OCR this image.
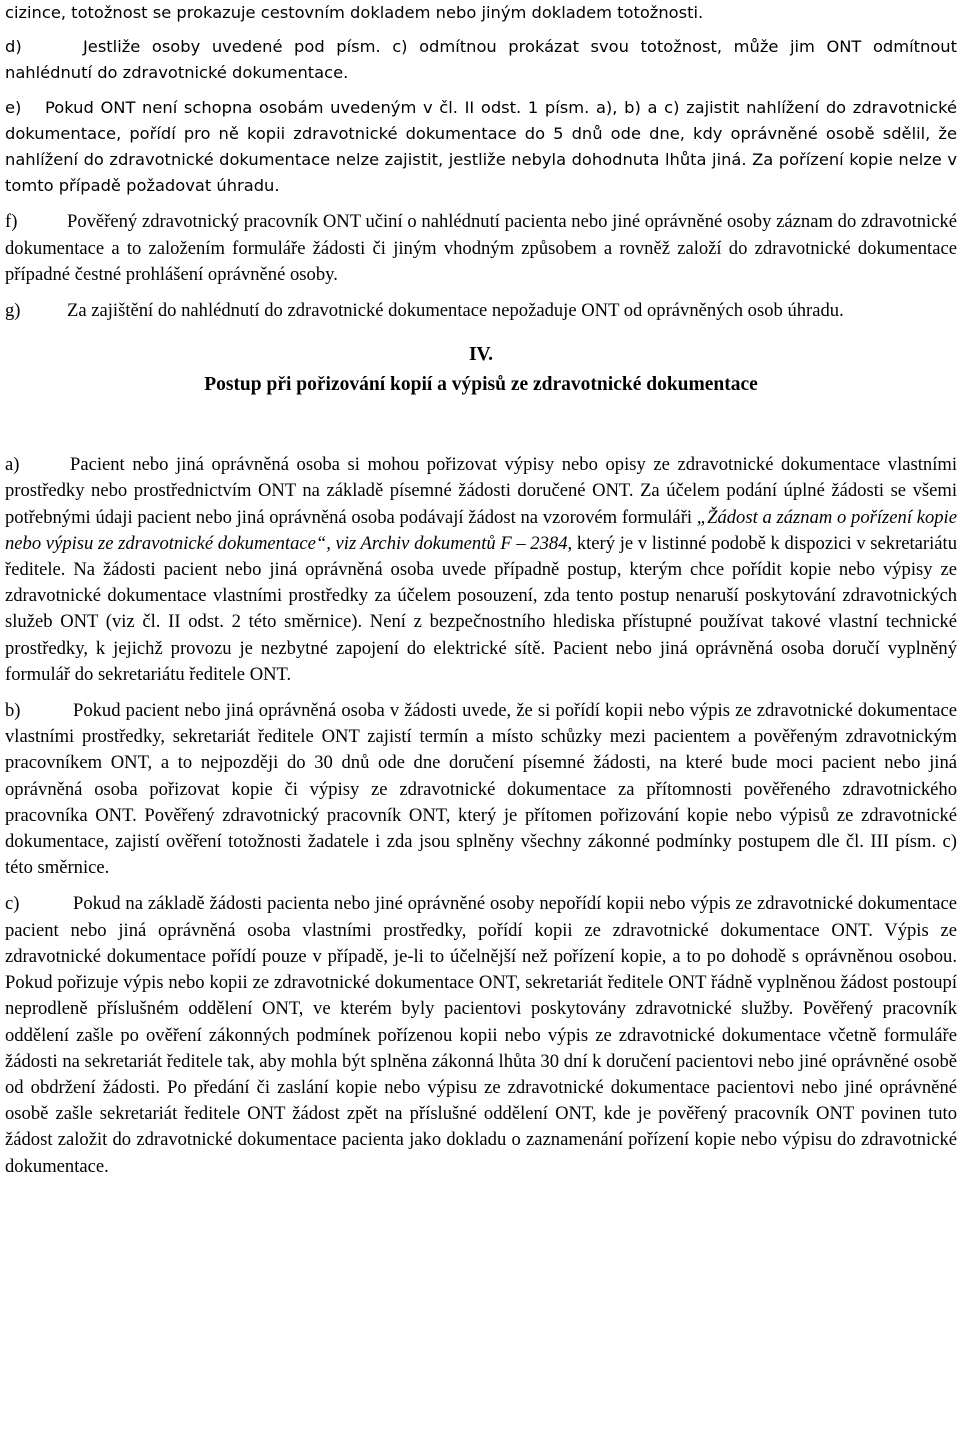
cizince, totožnost se prokazuje cestovním dokladem nebo jiným dokladem totožnosti.

d)	Jestliže osoby uvedené pod písm. c) odmítnou prokázat svou totožnost, může jim ONT odmítnout nahlédnutí do zdravotnické dokumentace.

e) Pokud ONT není schopna osobám uvedeným v čl. II odst. 1 písm. a), b) a c) zajistit nahlížení do zdravotnické dokumentace, pořídí pro ně kopii zdravotnické dokumentace do 5 dnů ode dne, kdy oprávněné osobě sdělil, že nahlížení do zdravotnické dokumentace nelze zajistit, jestliže nebyla dohodnuta lhůta jiná. Za pořízení kopie nelze v tomto případě požadovat úhradu.

f)	Pověřený zdravotnický pracovník ONT učiní o nahlédnutí pacienta nebo jiné oprávněné osoby záznam do zdravotnické dokumentace a to založením formuláře žádosti či jiným vhodným způsobem a rovněž založí do zdravotnické dokumentace případné čestné prohlášení oprávněné osoby.

g)	Za zajištění do nahlédnutí do zdravotnické dokumentace nepožaduje ONT od oprávněných osob úhradu.

IV.

Postup při pořizování kopií a výpisů ze zdravotnické dokumentace

a)	Pacient nebo jiná oprávněná osoba si mohou pořizovat výpisy nebo opisy ze zdravotnické dokumentace vlastními prostředky nebo prostřednictvím ONT na základě písemné žádosti doručené ONT. Za účelem podání úplné žádosti se všemi potřebnými údaji pacient nebo jiná oprávněná osoba podávají žádost na vzorovém formuláři „Žádost a záznam o pořízení kopie nebo výpisu ze zdravotnické dokumentace“, viz Archiv dokumentů F – 2384, který je v listinné podobě k dispozici v sekretariátu ředitele. Na žádosti pacient nebo jiná oprávněná osoba uvede případně postup, kterým chce pořídit kopie nebo výpisy ze zdravotnické dokumentace vlastními prostředky za účelem posouzení, zda tento postup nenaruší poskytování zdravotnických služeb ONT (viz čl. II odst. 2 této směrnice). Není z bezpečnostního hlediska přístupné používat takové vlastní technické prostředky, k jejichž provozu je nezbytné zapojení do elektrické sítě. Pacient nebo jiná oprávněná osoba doručí vyplněný formulář do sekretariátu ředitele ONT.

b)	Pokud pacient nebo jiná oprávněná osoba v žádosti uvede, že si pořídí kopii nebo výpis ze zdravotnické dokumentace vlastními prostředky, sekretariát ředitele ONT zajistí termín a místo schůzky mezi pacientem a pověřeným zdravotnickým pracovníkem ONT, a to nejpozději do 30 dnů ode dne doručení písemné žádosti, na které bude moci pacient nebo jiná oprávněná osoba pořizovat kopie či výpisy ze zdravotnické dokumentace za přítomnosti pověřeného zdravotnického pracovníka ONT. Pověřený zdravotnický pracovník ONT, který je přítomen pořizování kopie nebo výpisů ze zdravotnické dokumentace, zajistí ověření totožnosti žadatele i zda jsou splněny všechny zákonné podmínky postupem dle čl. III písm. c) této směrnice.

c)	Pokud na základě žádosti pacienta nebo jiné oprávněné osoby nepořídí kopii nebo výpis ze zdravotnické dokumentace pacient nebo jiná oprávněná osoba vlastními prostředky, pořídí kopii ze zdravotnické dokumentace ONT. Výpis ze zdravotnické dokumentace pořídí pouze v případě, je-li to účelnější než pořízení kopie, a to po dohodě s oprávněnou osobou. Pokud pořizuje výpis nebo kopii ze zdravotnické dokumentace ONT, sekretariát ředitele ONT řádně vyplněnou žádost postoupí neprodleně příslušném oddělení ONT, ve kterém byly pacientovi poskytovány zdravotnické služby. Pověřený pracovník oddělení zašle po ověření zákonných podmínek pořízenou kopii nebo výpis ze zdravotnické dokumentace včetně formuláře žádosti na sekretariát ředitele tak, aby mohla být splněna zákonná lhůta 30 dní k doručení pacientovi nebo jiné oprávněné osobě od obdržení žádosti. Po předání či zaslání kopie nebo výpisu ze zdravotnické dokumentace pacientovi nebo jiné oprávněné osobě zašle sekretariát ředitele ONT žádost zpět na příslušné oddělení ONT, kde je pověřený pracovník ONT povinen tuto žádost založit do zdravotnické dokumentace pacienta jako dokladu o zaznamenání pořízení kopie nebo výpisu do zdravotnické dokumentace.
